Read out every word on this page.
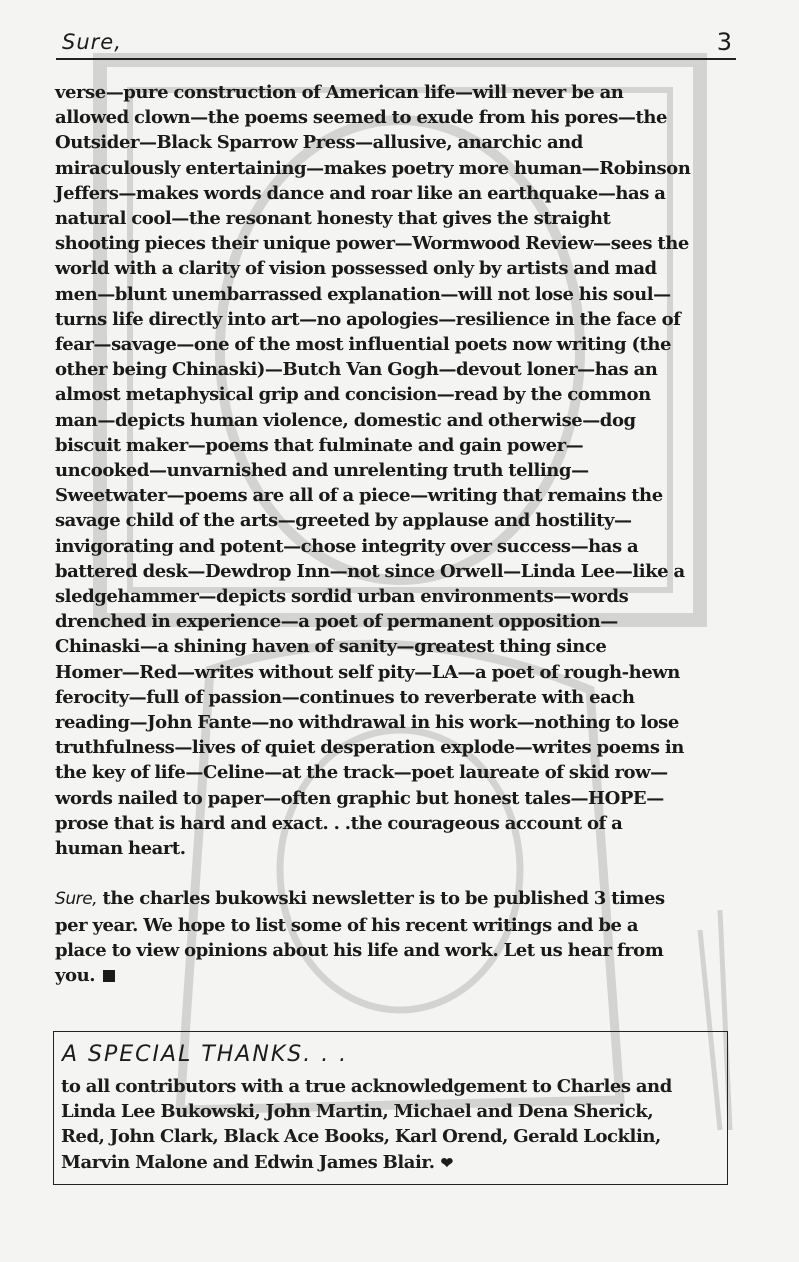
Sure,	3

verse—pure construction of American life—will never be an
allowed clown—the poems seemed to exude from his pores—the
Outsider—Black Sparrow Press—allusive, anarchic and
miraculously entertaining—makes poetry more human—Robinson
Jeffers—makes words dance and roar like an earthquake—has a
natural cool—the resonant honesty that gives the straight
shooting pieces their unique power—Wormwood Review—sees the
world with a clarity of vision possessed only by artists and mad
men—blunt unembarrassed explanation—will not lose his soul—
turns life directly into art—no apologies—resilience in the face of
fear—savage—one of the most influential poets now writing (the
other being Chinaski)—Butch Van Gogh—devout loner—has an
almost metaphysical grip and concision—read by the common
man—depicts human violence, domestic and otherwise—dog
biscuit maker—poems that fulminate and gain power—
uncooked—unvarnished and unrelenting truth telling—
Sweetwater—poems are all of a piece—writing that remains the
savage child of the arts—greeted by applause and hostility—
invigorating and potent—chose integrity over success—has a
battered desk—Dewdrop Inn—not since Orwell—Linda Lee—like a
sledgehammer—depicts sordid urban environments—words
drenched in experience—a poet of permanent opposition—
Chinaski—a shining haven of sanity—greatest thing since
Homer—Red—writes without self pity—LA—a poet of rough-hewn
ferocity—full of passion—continues to reverberate with each
reading—John Fante—no withdrawal in his work—nothing to lose
truthfulness—lives of quiet desperation explode—writes poems in
the key of life—Celine—at the track—poet laureate of skid row—
words nailed to paper—often graphic but honest tales—HOPE—
prose that is hard and exact. . .the courageous account of a
human heart.

Sure, the charles bukowski newsletter is to be published 3 times
per year. We hope to list some of his recent writings and be a
place to view opinions about his life and work. Let us hear from
you.

A SPECIAL THANKS. . .
to all contributors with a true acknowledgement to Charles and
Linda Lee Bukowski, John Martin, Michael and Dena Sherick,
Red, John Clark, Black Ace Books, Karl Orend, Gerald Locklin,
Marvin Malone and Edwin James Blair. ❤
